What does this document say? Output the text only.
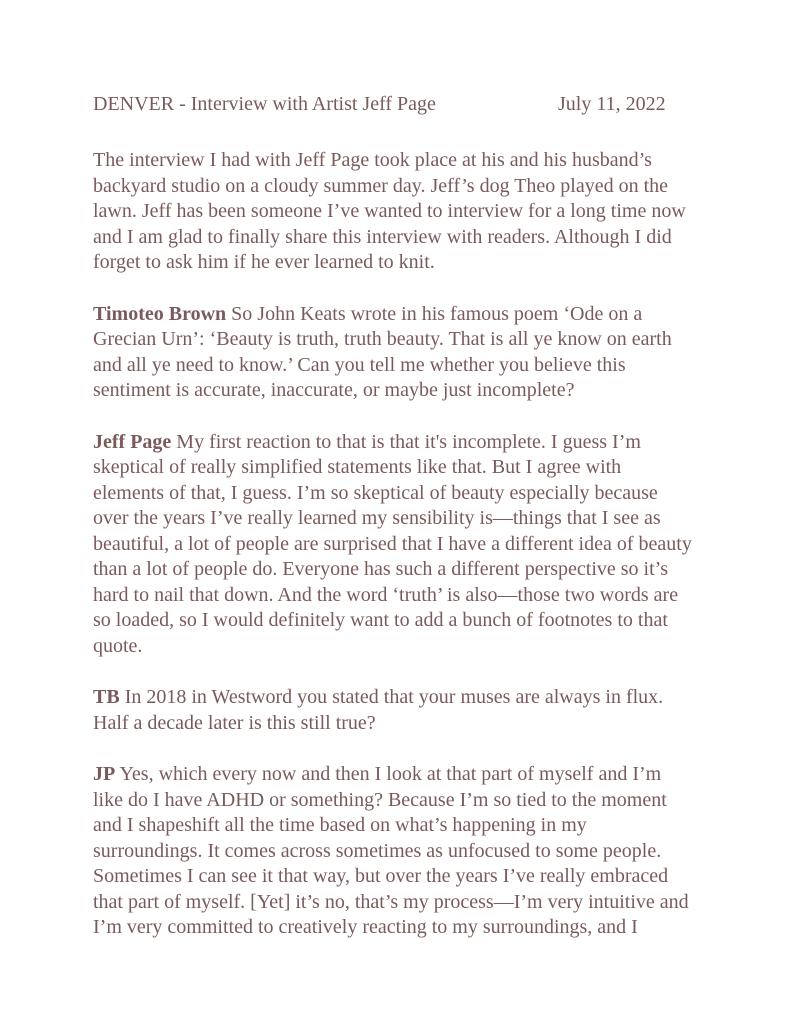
DENVER - Interview with Artist Jeff Page	July 11, 2022

The interview I had with Jeff Page took place at his and his husband’s backyard studio on a cloudy summer day. Jeff’s dog Theo played on the lawn. Jeff has been someone I’ve wanted to interview for a long time now and I am glad to finally share this interview with readers. Although I did forget to ask him if he ever learned to knit.

Timoteo Brown So John Keats wrote in his famous poem ‘Ode on a Grecian Urn’: ‘Beauty is truth, truth beauty. That is all ye know on earth and all ye need to know.’ Can you tell me whether you believe this sentiment is accurate, inaccurate, or maybe just incomplete?

Jeff Page My first reaction to that is that it's incomplete. I guess I’m skeptical of really simplified statements like that. But I agree with elements of that, I guess. I’m so skeptical of beauty especially because over the years I’ve really learned my sensibility is—things that I see as beautiful, a lot of people are surprised that I have a different idea of beauty than a lot of people do. Everyone has such a different perspective so it’s hard to nail that down. And the word ‘truth’ is also—those two words are so loaded, so I would definitely want to add a bunch of footnotes to that quote.

TB In 2018 in Westword you stated that your muses are always in flux. Half a decade later is this still true?

JP Yes, which every now and then I look at that part of myself and I’m like do I have ADHD or something? Because I’m so tied to the moment and I shapeshift all the time based on what’s happening in my surroundings. It comes across sometimes as unfocused to some people. Sometimes I can see it that way, but over the years I’ve really embraced that part of myself. [Yet] it’s no, that’s my process—I’m very intuitive and I’m very committed to creatively reacting to my surroundings, and I
